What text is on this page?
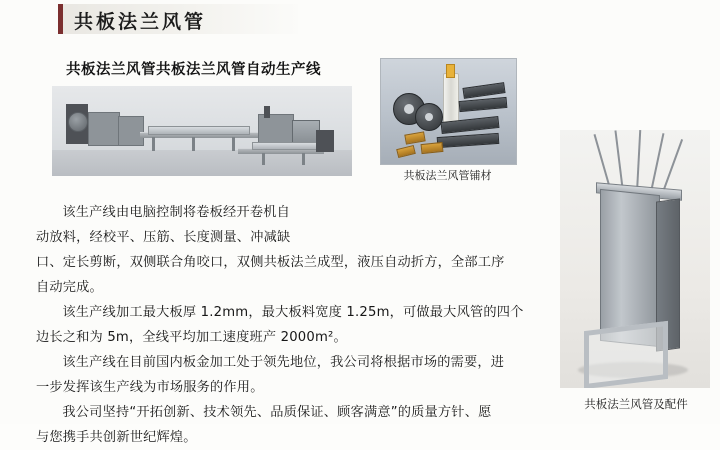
共板法兰风管
共板法兰风管共板法兰风管自动生产线
共板法兰风管铺材
共板法兰风管及配件

该生产线由电脑控制将卷板经开卷机自

动放料，经校平、压筋、长度测量、冲减缺

口、定长剪断，双侧联合角咬口，双侧共板法兰成型，液压自动折方，全部工序

自动完成。

该生产线加工最大板厚 1.2mm，最大板料宽度 1.25m，可做最大风管的四个

边长之和为 5m，全线平均加工速度班产 2000m²。

该生产线在目前国内板金加工处于领先地位，我公司将根据市场的需要，进

一步发挥该生产线为市场服务的作用。

我公司坚持“开拓创新、技术领先、品质保证、顾客满意”的质量方针、愿

与您携手共创新世纪辉煌。
